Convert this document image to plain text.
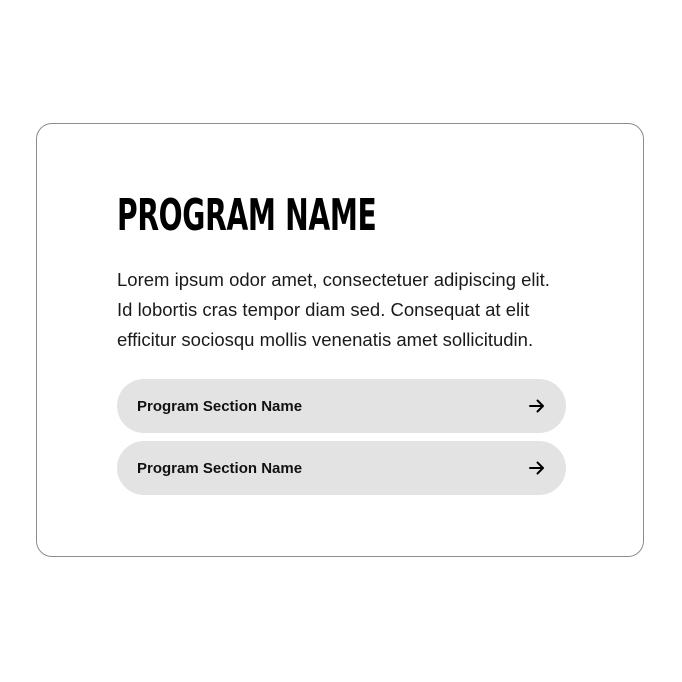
PROGRAM NAME

Lorem ipsum odor amet, consectetuer adipiscing elit.
Id lobortis cras tempor diam sed. Consequat at elit
efficitur sociosqu mollis venenatis amet sollicitudin.

Program Section Name
Program Section Name
